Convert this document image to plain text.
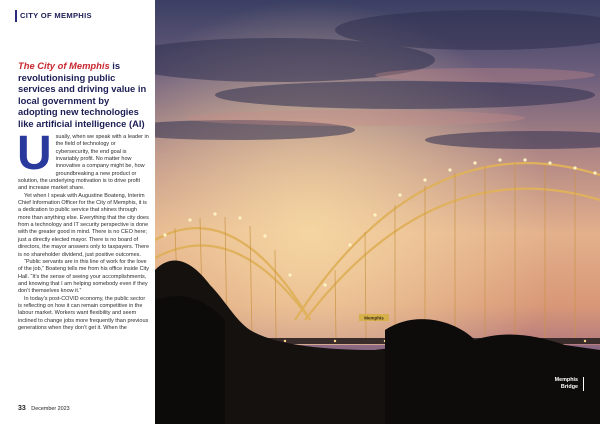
CITY OF MEMPHIS
The City of Memphis is revolutionising public services and driving value in local government by adopting new technologies like artificial intelligence (AI)
U sually, when we speak with a leader in the field of technology or cybersecurity, the end goal is invariably profit. No matter how innovative a company might be, how groundbreaking a new product or solution, the underlying motivation is to drive profit and increase market share.

Yet when I speak with Augustine Boateng, Interim Chief Information Officer for the City of Memphis, it is a dedication to public service that shines through more than anything else. Everything that the city does from a technology and IT security perspective is done with the greater good in mind. There is no CEO here; just a directly elected mayor. There is no board of directors, the mayor answers only to taxpayers. There is no shareholder dividend, just positive outcomes.

“Public servants are in this line of work for the love of the job,” Boateng tells me from his office inside City Hall. “It’s the sense of seeing your accomplishments, and knowing that I am helping somebody even if they don’t themselves know it.”

In today’s post-COVID economy, the public sector is reflecting on how it can remain competitive in the labour market. Workers want flexibility and seem inclined to change jobs more frequently than previous generations when they don’t get it. When the

33 December 2023
Memphis
Memphis
Bridge
